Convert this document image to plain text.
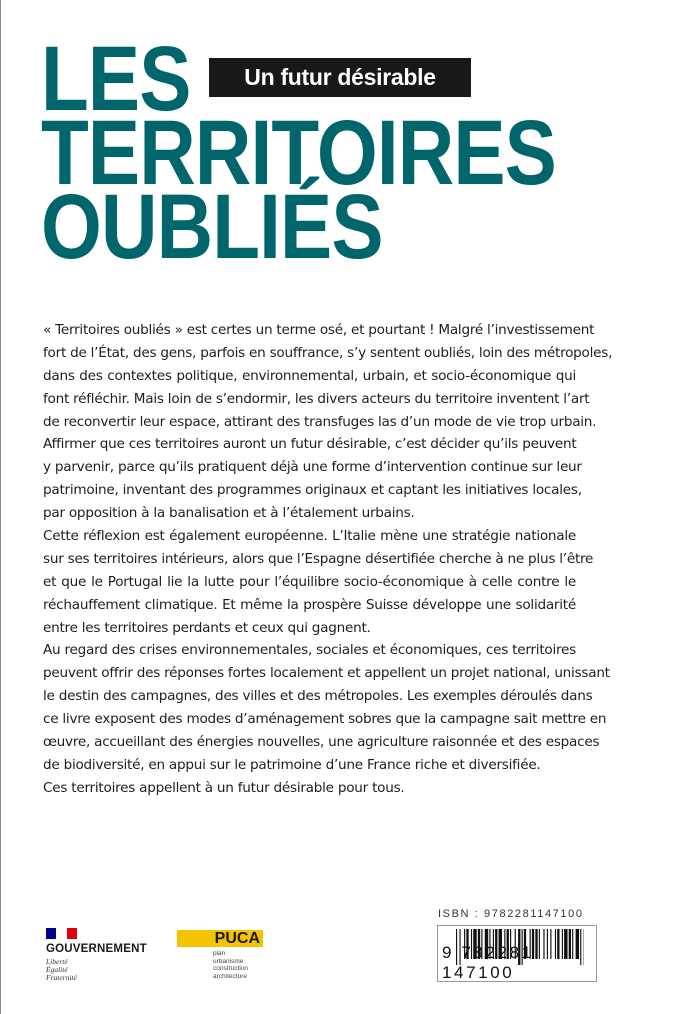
LES
TERRITOIRES
OUBLIÉS
Un futur désirable
« Territoires oubliés » est certes un terme osé, et pourtant ! Malgré l’investissement
fort de l’État, des gens, parfois en souffrance, s’y sentent oubliés, loin des métropoles,
dans des contextes politique, environnemental, urbain, et socio-économique qui
font réfléchir. Mais loin de s’endormir, les divers acteurs du territoire inventent l’art
de reconvertir leur espace, attirant des transfuges las d’un mode de vie trop urbain.
Affirmer que ces territoires auront un futur désirable, c’est décider qu’ils peuvent
y parvenir, parce qu’ils pratiquent déjà une forme d’intervention continue sur leur
patrimoine, inventant des programmes originaux et captant les initiatives locales,
par opposition à la banalisation et à l’étalement urbains.
Cette réflexion est également européenne. L’Italie mène une stratégie nationale
sur ses territoires intérieurs, alors que l’Espagne désertifiée cherche à ne plus l’être
et que le Portugal lie la lutte pour l’équilibre socio-économique à celle contre le
réchauffement climatique. Et même la prospère Suisse développe une solidarité
entre les territoires perdants et ceux qui gagnent.
Au regard des crises environnementales, sociales et économiques, ces territoires
peuvent offrir des réponses fortes localement et appellent un projet national, unissant
le destin des campagnes, des villes et des métropoles. Les exemples déroulés dans
ce livre exposent des modes d’aménagement sobres que la campagne sait mettre en
œuvre, accueillant des énergies nouvelles, une agriculture raisonnée et des espaces
de biodiversité, en appui sur le patrimoine d’une France riche et diversifiée.
Ces territoires appellent à un futur désirable pour tous.
GOUVERNEMENT
Liberté
Égalité
Fraternité
PUCA
plan
urbanisme
construction
architecture
ISBN : 9782281147100
9 782281 147100
